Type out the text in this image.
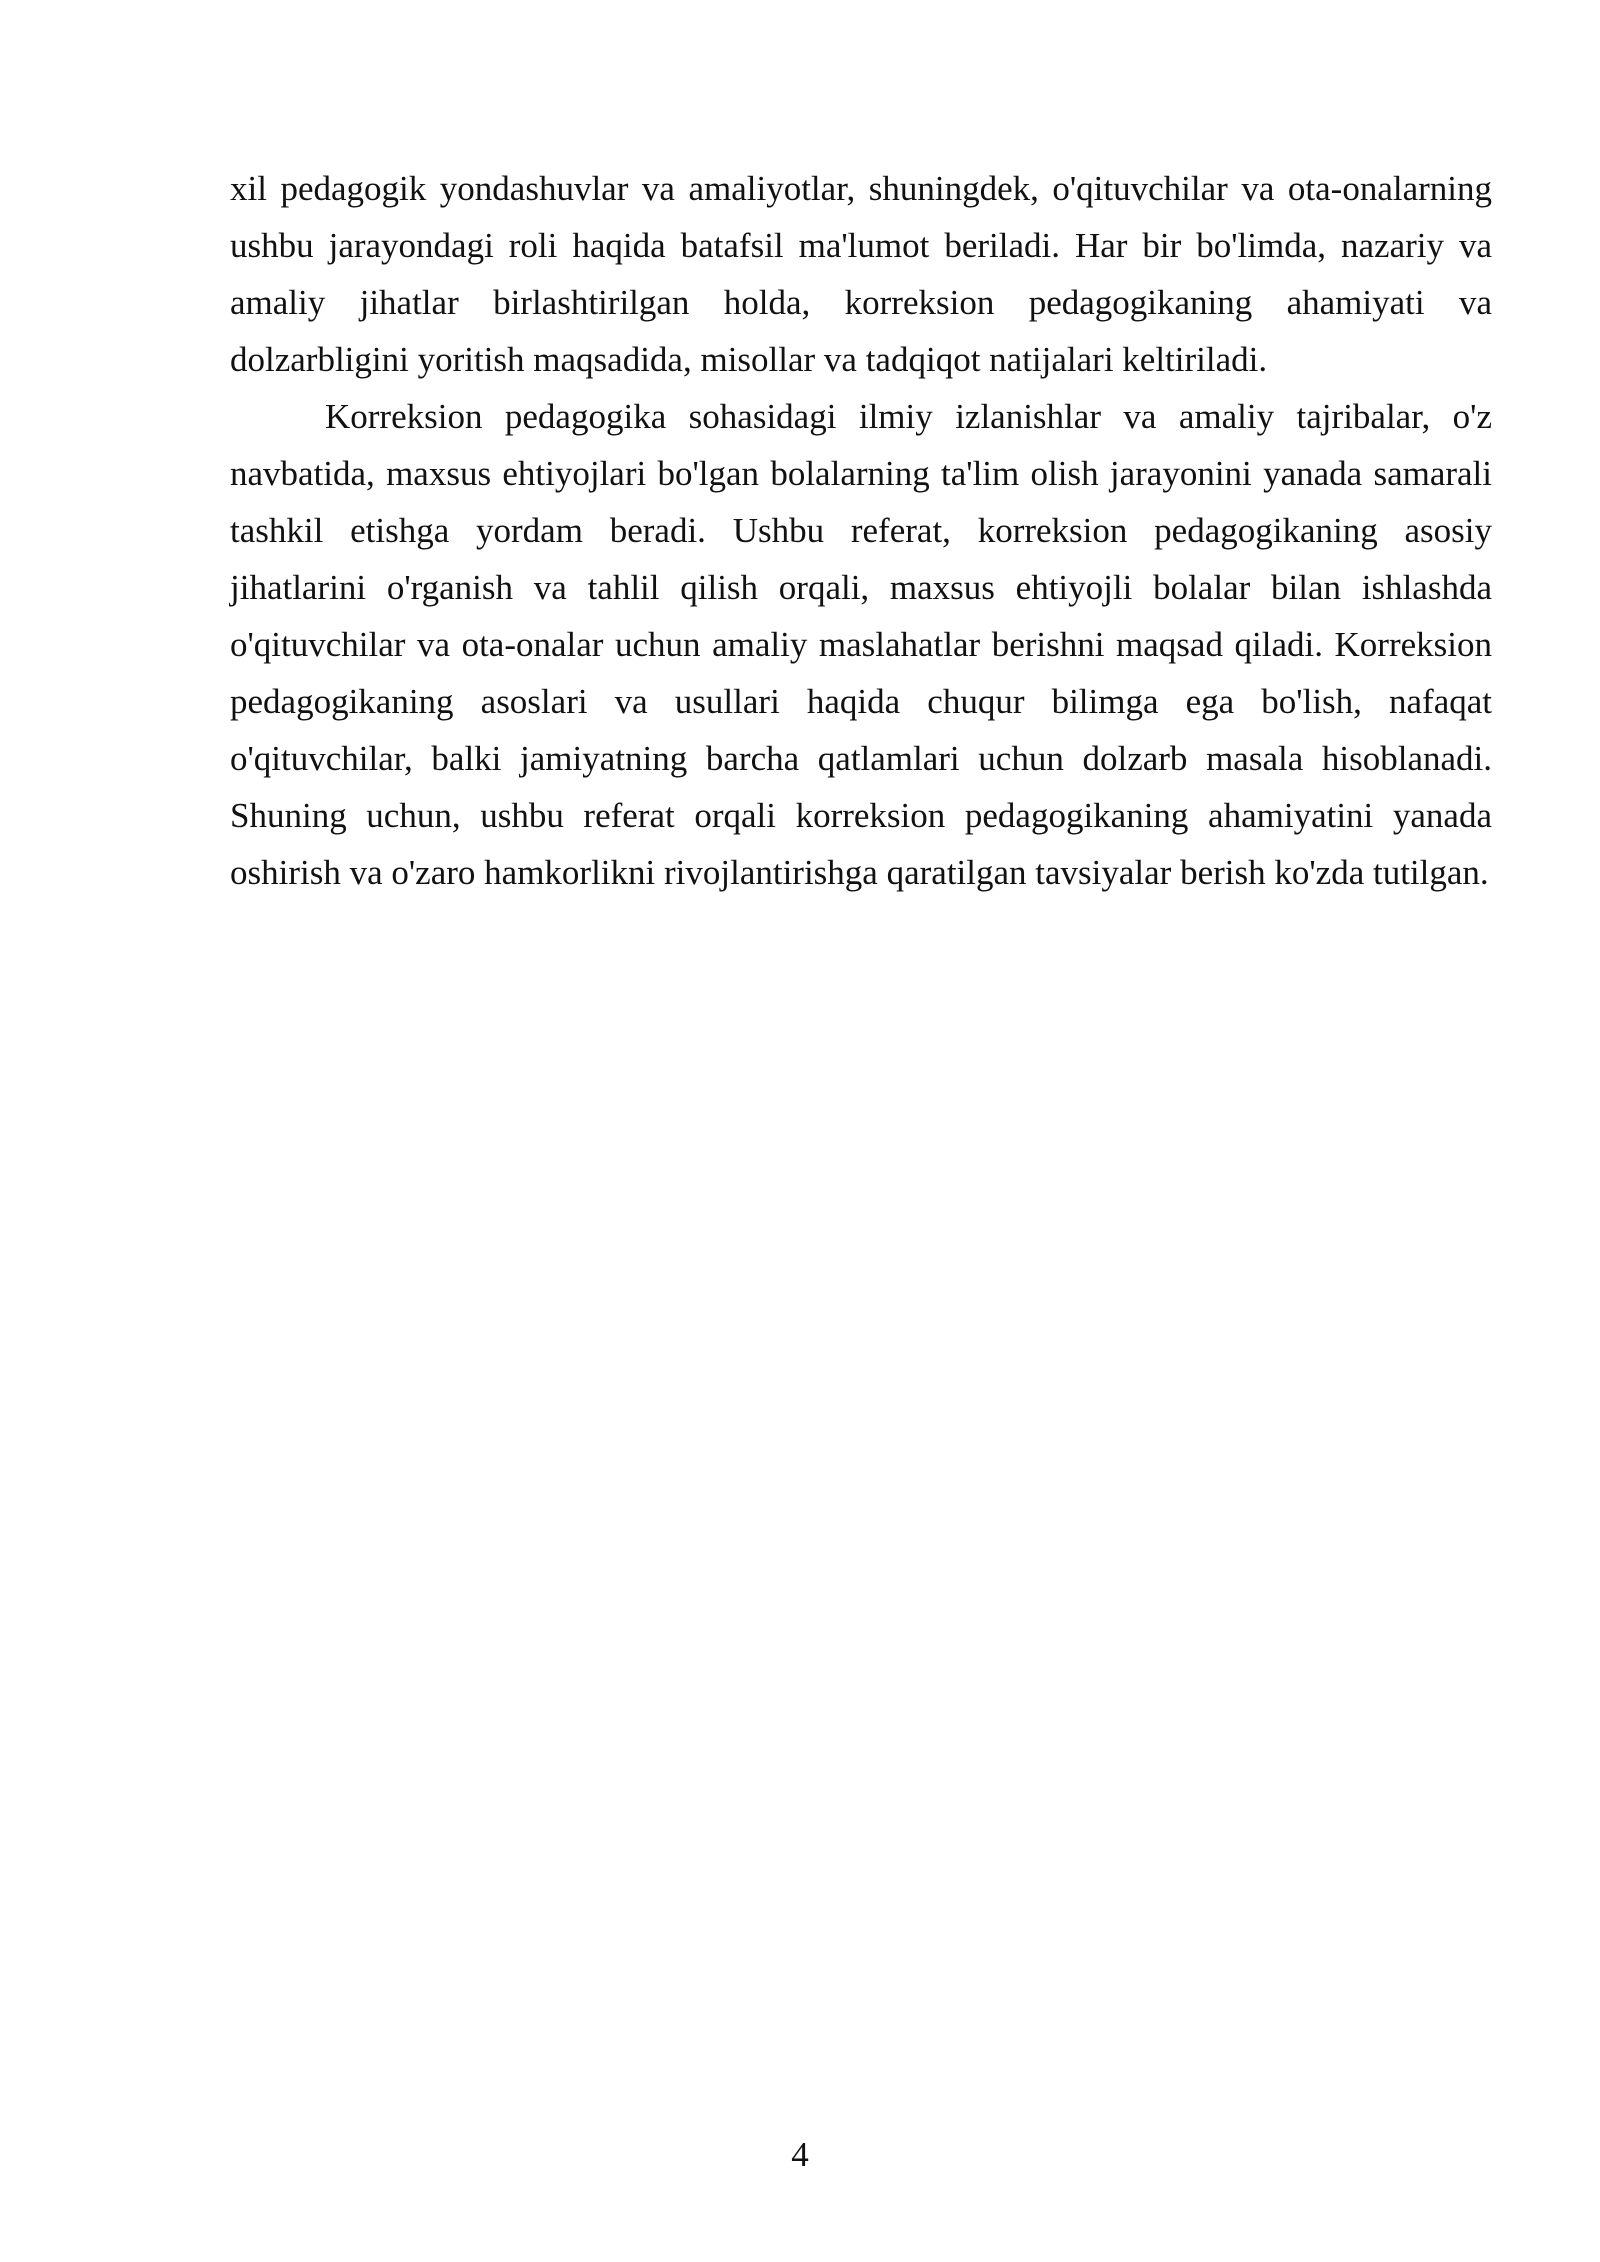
xil pedagogik yondashuvlar va amaliyotlar, shuningdek, o'qituvchilar va ota-onalarning ushbu jarayondagi roli haqida batafsil ma'lumot beriladi. Har bir bo'limda, nazariy va amaliy jihatlar birlashtirilgan holda, korreksion pedagogikaning ahamiyati va dolzarbligini yoritish maqsadida, misollar va tadqiqot natijalari keltiriladi.

Korreksion pedagogika sohasidagi ilmiy izlanishlar va amaliy tajribalar, o'z navbatida, maxsus ehtiyojlari bo'lgan bolalarning ta'lim olish jarayonini yanada samarali tashkil etishga yordam beradi. Ushbu referat, korreksion pedagogikaning asosiy jihatlarini o'rganish va tahlil qilish orqali, maxsus ehtiyojli bolalar bilan ishlashda o'qituvchilar va ota-onalar uchun amaliy maslahatlar berishni maqsad qiladi. Korreksion pedagogikaning asoslari va usullari haqida chuqur bilimga ega bo'lish, nafaqat o'qituvchilar, balki jamiyatning barcha qatlamlari uchun dolzarb masala hisoblanadi. Shuning uchun, ushbu referat orqali korreksion pedagogikaning ahamiyatini yanada oshirish va o'zaro hamkorlikni rivojlantirishga qaratilgan tavsiyalar berish ko'zda tutilgan.

4
